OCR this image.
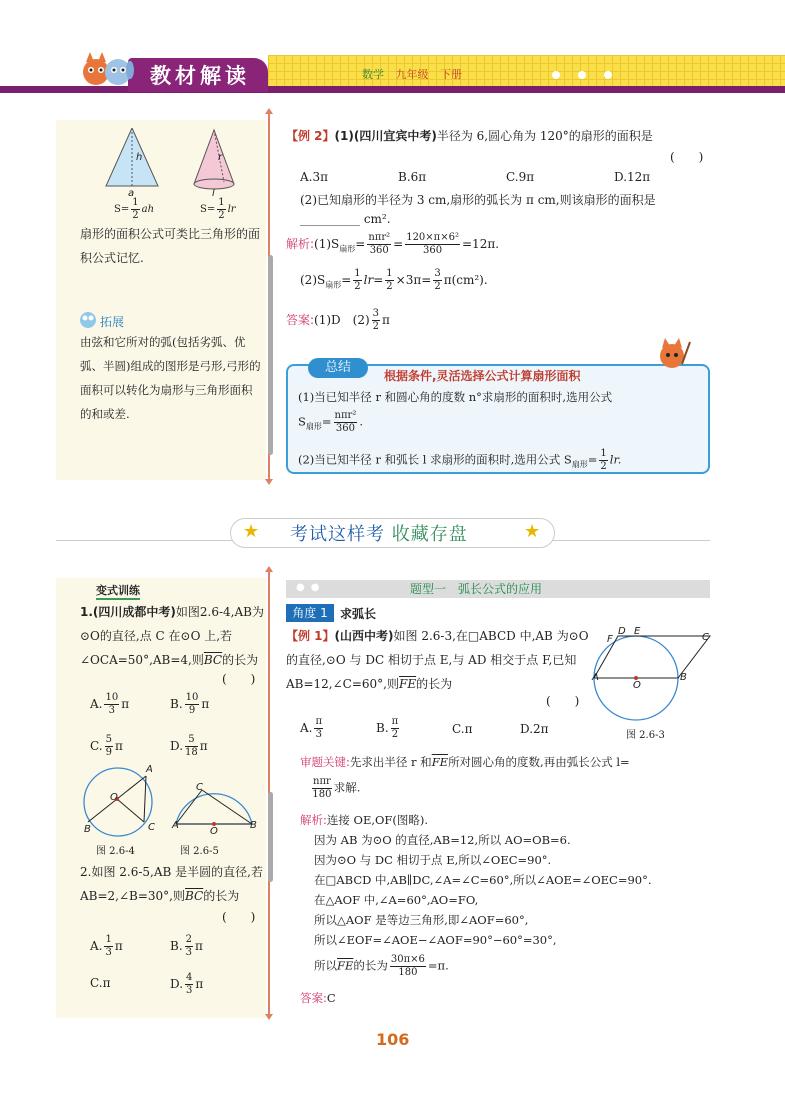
教材解读	数学 九年级 下册
h
a
r
l
$S= \frac{1}{2}$ ah	$S= \frac{1}{2}$ lr
扇形的面积公式可类比三角形的面积公式记忆.
拓展
由弦和它所对的弧(包括劣弧、优弧、半圆)组成的图形是弓形,弓形的面积可以转化为扇形与三角形面积的和或差.
【例 2】(1)(四川宜宾中考)半径为 6,圆心角为 120°的扇形的面积是
(　　)
A.3π	B.6π	C.9π	D.12π
(2)已知扇形的半径为 3 cm,扇形的弧长为 π cm,则该扇形的面积是
__________ cm².
解析$:(1)S_{扇形}= \frac{\text{nπr²}}{360} = \frac{\text{120×π×6²}}{360} =12\pi$.
$(2)S_{扇形}= \frac{1}{2} lr= \frac{1}{2} \times 3\pi= \frac{3}{2} \pi(cm^2)$.
答案:(1)D　$(2) \frac{3}{2}$ π
总结
根据条件,灵活选择公式计算扇形面积
(1)当已知半径 r 和圆心角的度数 n°求扇形的面积时,选用公式
$S_{扇形}= \frac{\text{nπr²}}{360}$ .
(2)当已知半径 r 和弧长 l 求扇形的面积时,选用公式 $S_{扇形}= \frac{1}{2}$ lr.
★	★
考试这样考 收藏存盘
变式训练
1.(四川成都中考)如图2.6-4,AB为⊙O的直径,点 C 在⊙O 上,若∠OCA=50°,AB=4,则$\overline{BC}$的长为
(　　)
A. $\frac{10}{3}$ π	B. $\frac{10}{9}$ π
C. $\frac{5}{9}$ π	D. $\frac{5}{18}$ π
A
O
B	C
C
A
O
B
图 2.6-4	图 2.6-5
2.如图 2.6-5,AB 是半圆的直径,若 AB=2,∠B=30°,则$\overline{BC}$的长为
(　　)
A. $\frac{1}{3}$ π	B. $\frac{2}{3}$ π
C.π	D. $\frac{4}{3}$ π
●●	题型一　弧长公式的应用
角度 1	求弧长
【例 1】(山西中考)如图 2.6-3,在□ABCD 中,AB 为⊙O 的直径,⊙O 与 DC 相切于点 E,与 AD 相交于点 F,已知 AB=12,∠C=60°,则$\overline{FE}$的长为
(　　)
F
D E
C
A
O
B
图 2.6-3
A. $\frac{\pi}{3}$	B. $\frac{\pi}{2}$	C.π	D.2π
审题关键:先求出半径 r 和$\overline{FE}$所对圆心角的度数,再由弧长公式 l=
$\frac{\text{nπr}}{180}$ 求解.
解析:连接 OE,OF(图略).
因为 AB 为⊙O 的直径,AB=12,所以 AO=OB=6.
因为⊙O 与 DC 相切于点 E,所以∠OEC=90°.
在□ABCD 中,AB∥DC,∠A=∠C=60°,所以∠AOE=∠OEC=90°.
在△AOF 中,∠A=60°,AO=FO,
所以△AOF 是等边三角形,即∠AOF=60°,
所以∠EOF=∠AOE−∠AOF=90°−60°=30°,
所以$\overline{FE}$的长为 $\frac{30\pi\times 6}{180} =\pi$.
答案:C
106
